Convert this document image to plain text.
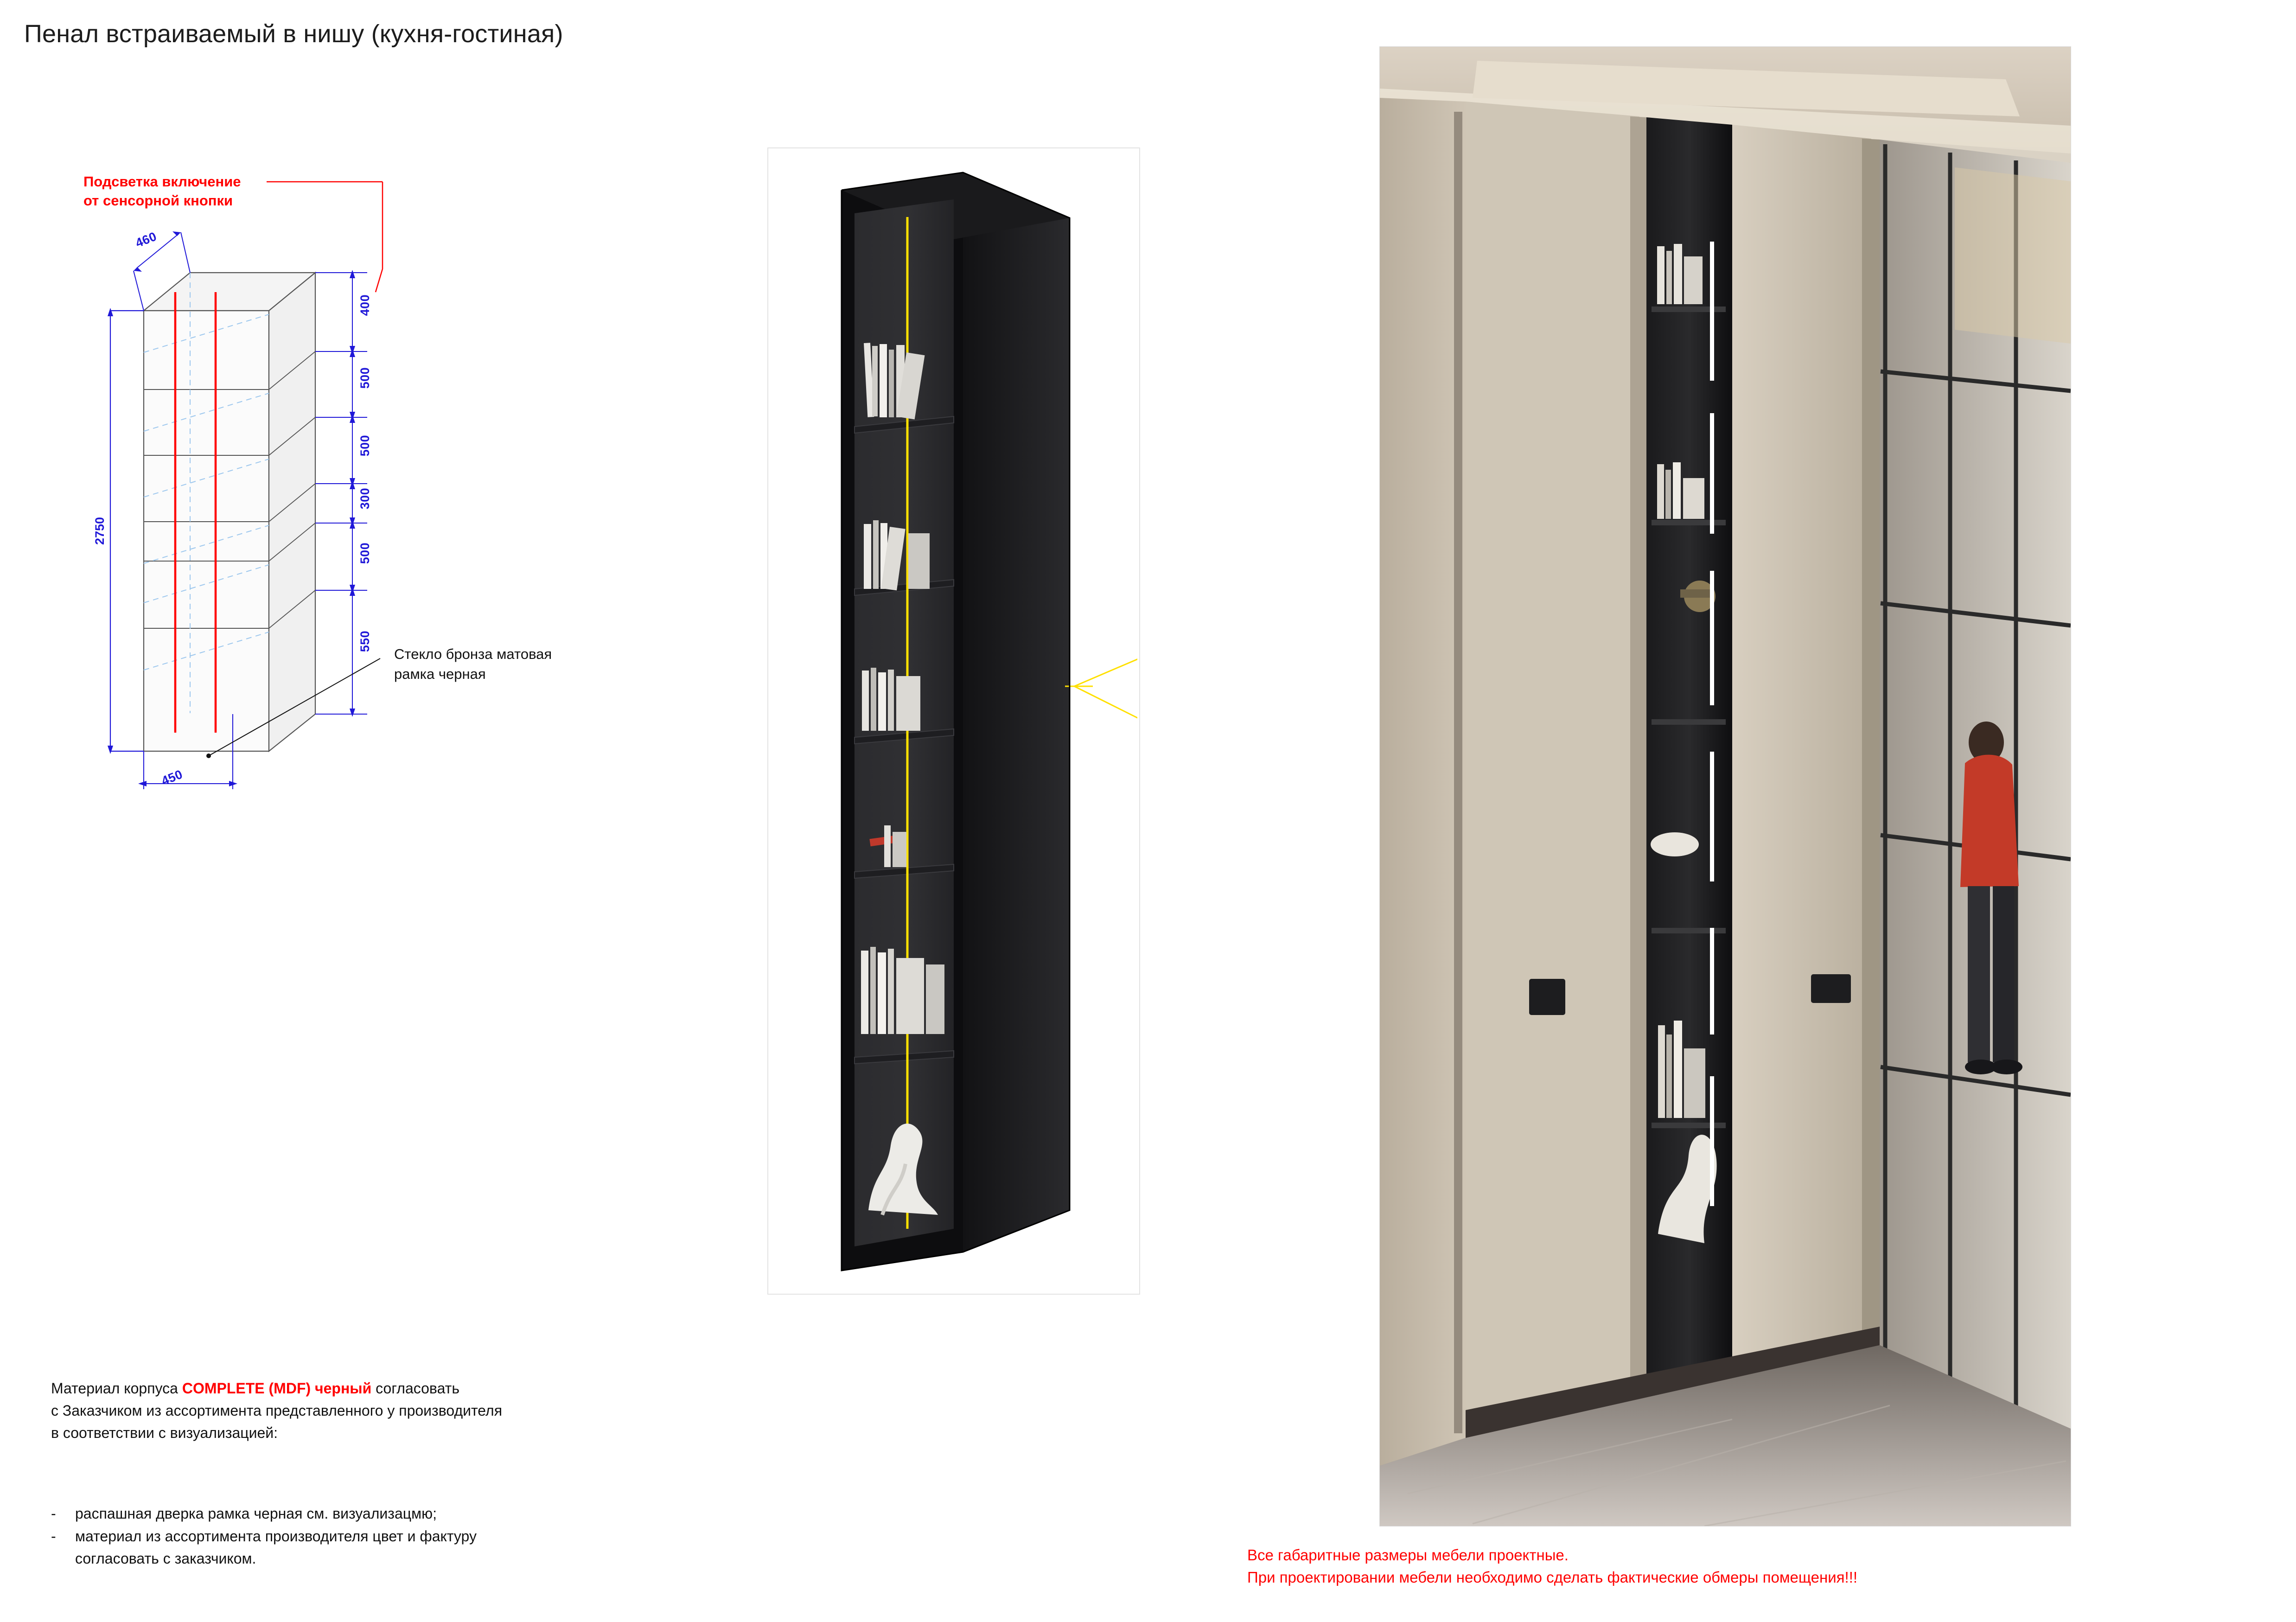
Пенал встраиваемый в нишу (кухня-гостиная)
Подсветка включение
от сенсорной кнопки
2750
460
450
400
500
500
300
500
550
Стекло бронза матовая
рамка черная
Материал корпуса COMPLETE (MDF) черный согласовать
с Заказчиком из ассортимента представленного у производителя
в соответствии с визуализацией:
- распашная дверка рамка черная см. визуализацмю;
- материал из ассортимента производителя цвет и фактуру
согласовать с заказчиком.	Все габаритные размеры мебели проектные.
При проектировании мебели необходимо сделать фактические обмеры помещения!!!
